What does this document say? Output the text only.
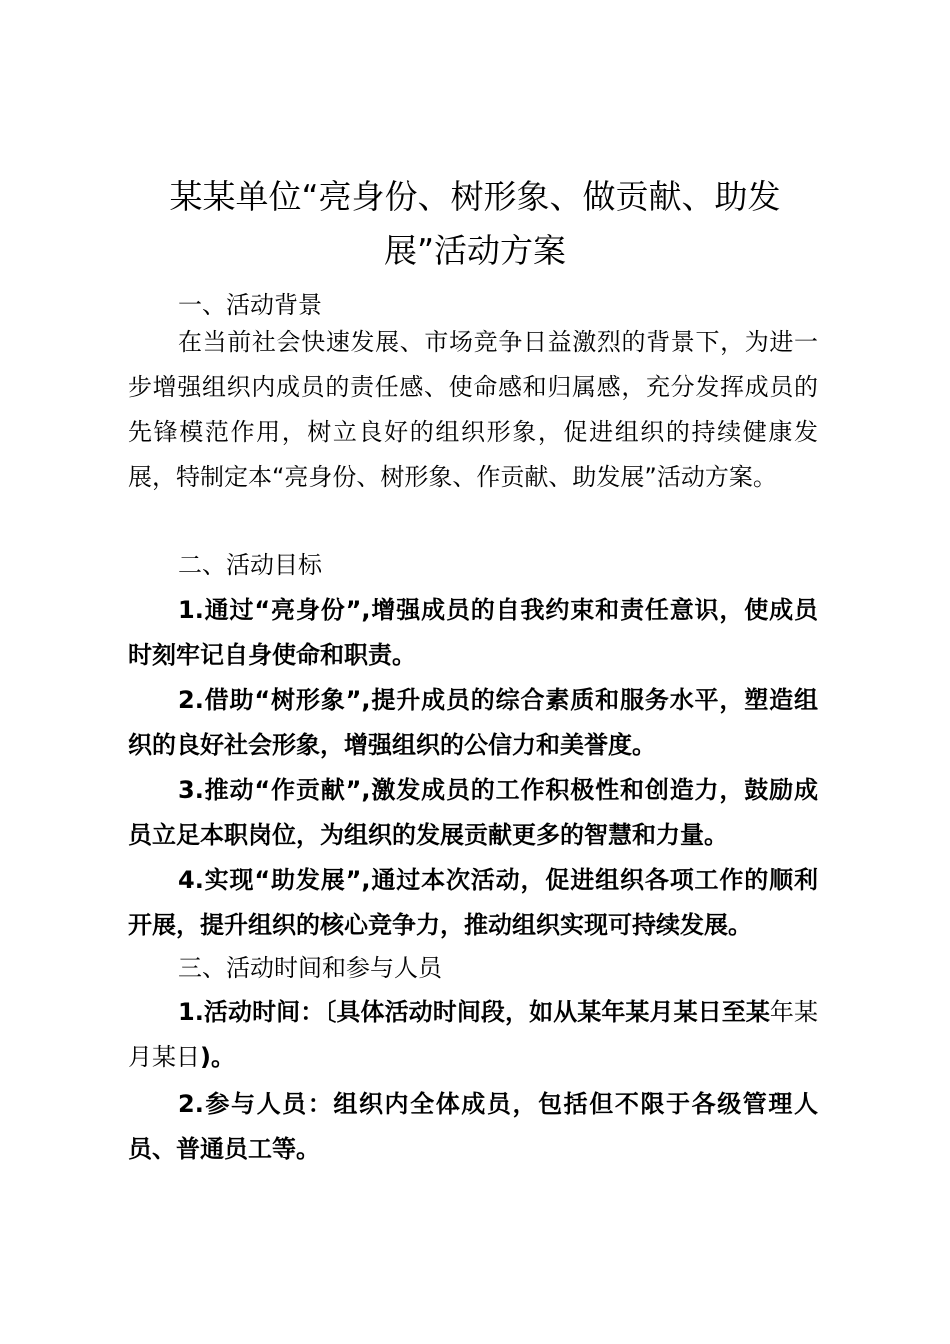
某某单位“亮身份、树形象、做贡献、助发展”活动方案

一、活动背景

在当前社会快速发展、市场竞争日益激烈的背景下，为进一步增强组织内成员的责任感、使命感和归属感，充分发挥成员的先锋模范作用，树立良好的组织形象，促进组织的持续健康发展，特制定本“亮身份、树形象、作贡献、助发展”活动方案。

二、活动目标

1.通过“亮身份”,增强成员的自我约束和责任意识，使成员时刻牢记自身使命和职责。

2.借助“树形象”,提升成员的综合素质和服务水平，塑造组织的良好社会形象，增强组织的公信力和美誉度。

3.推动“作贡献”,激发成员的工作积极性和创造力，鼓励成员立足本职岗位，为组织的发展贡献更多的智慧和力量。

4.实现“助发展”,通过本次活动，促进组织各项工作的顺利开展，提升组织的核心竞争力，推动组织实现可持续发展。

三、活动时间和参与人员

1.活动时间：〔具体活动时间段，如从某年某月某日至某年某月某日)。

2.参与人员：组织内全体成员，包括但不限于各级管理人员、普通员工等。
